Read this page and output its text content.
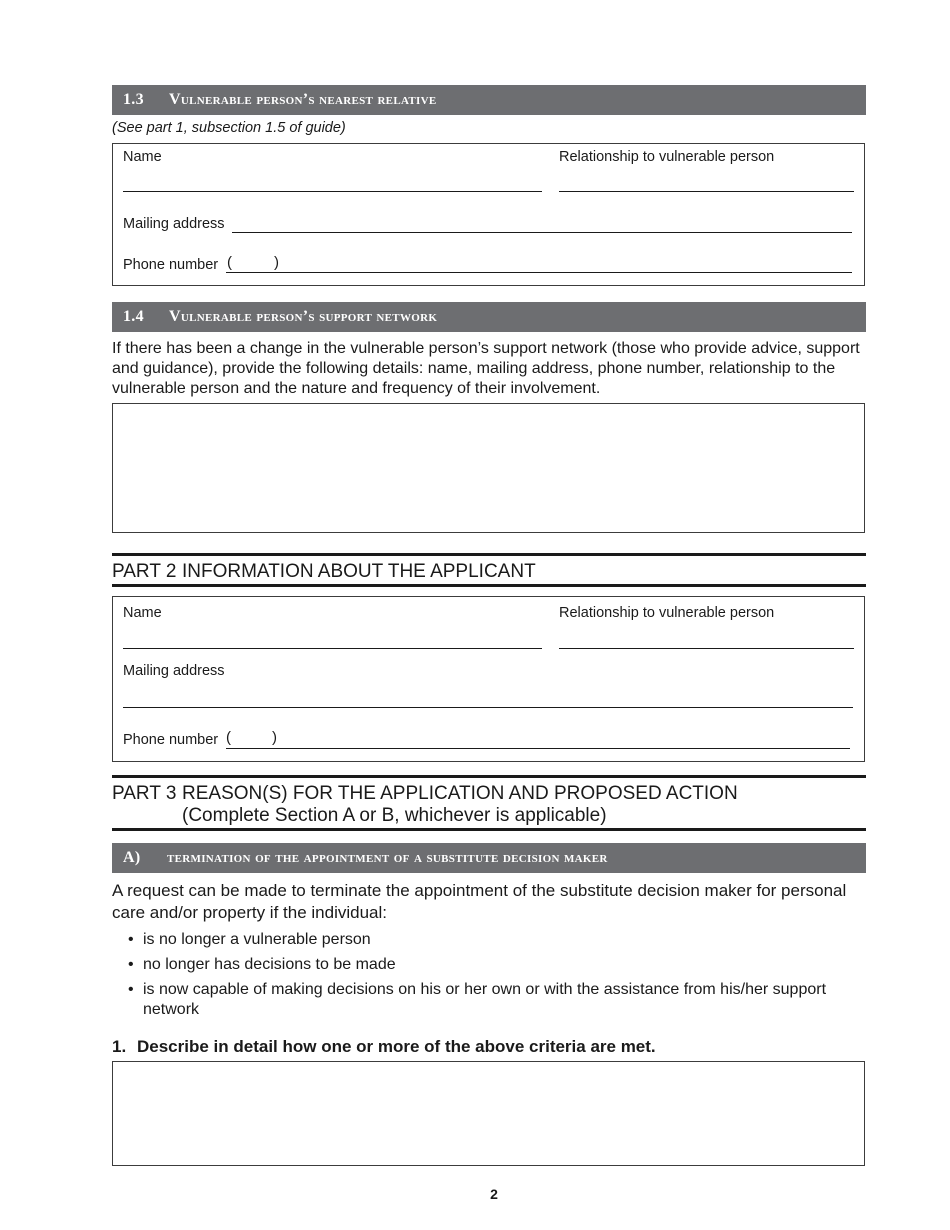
1.3 Vulnerable person’s nearest relative
(See part 1, subsection 1.5 of guide)
Name	Relationship to vulnerable person
Mailing address
Phone number (	)
1.4 Vulnerable person’s support network
If there has been a change in the vulnerable person’s support network (those who provide advice, support and guidance), provide the following details: name, mailing address, phone number, relationship to the vulnerable person and the nature and frequency of their involvement.
PART 2 INFORMATION ABOUT THE APPLICANT
Name	Relationship to vulnerable person
Mailing address
Phone number (	)
PART 3 REASON(S) FOR THE APPLICATION AND PROPOSED ACTION
(Complete Section A or B, whichever is applicable)
A) termination of the appointment of a substitute decision maker
A request can be made to terminate the appointment of the substitute decision maker for personal care and/or property if the individual:
• is no longer a vulnerable person
• no longer has decisions to be made
• is now capable of making decisions on his or her own or with the assistance from his/her support network
1. Describe in detail how one or more of the above criteria are met.
2
